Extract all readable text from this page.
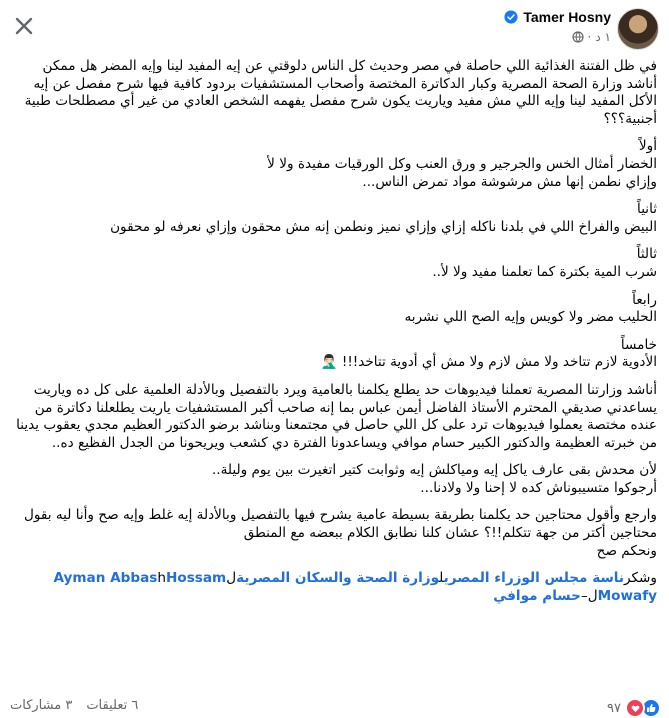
Tamer Hosny
١ د
·

في ظل الفتنة الغذائية اللي حاصلة في مصر وحديث كل الناس دلوقتي عن إيه المفيد لينا وإيه المضر هل ممكن أناشد وزارة الصحة المصرية وكبار الدكاترة المختصة وأصحاب المستشفيات بردود كافية فيها شرح مفصل عن إيه الأكل المفيد لينا وإيه اللي مش مفيد وياريت يكون شرح مفصل يفهمه الشخص العادي من غير أي مصطلحات طبية أجنبية؟؟؟

أولاً
الخضار أمثال الخس والجرجير و ورق العنب وكل الورقيات مفيدة ولا لأ
وإزاي نطمن إنها مش مرشوشة مواد تمرض الناس...
ثانياً
البيض والفراخ اللي في بلدنا ناكله إزاي وإزاي نميز ونطمن إنه مش محقون وإزاي نعرفه لو محقون
ثالثاً
شرب المية بكترة كما تعلمنا مفيد ولا لأ..
رابعاً
الحليب مضر ولا كويس وإيه الصح اللي نشربه
خامساً
الأدوية لازم تتاخد ولا مش لازم ولا مش أي أدوية تتاخد!!! 🤦🏻‍♂️

أناشد وزارتنا المصرية تعملنا فيديوهات حد يطلع يكلمنا بالعامية ويرد بالتفصيل وبالأدلة العلمية على كل ده وياريت يساعدني صديقي المحترم الأستاذ الفاضل أيمن عباس بما إنه صاحب أكبر المستشفيات ياريت يطلعلنا دكاترة من عنده مختصة يعملوا فيديوهات ترد على كل اللي حاصل في مجتمعنا وبناشد برضو الدكتور العظيم مجدي يعقوب يدينا من خبرته العظيمة والدكتور الكبير حسام موافي ويساعدونا الفترة دي كشعب ويريحونا من الجدل الفظيع ده..

لأن محدش بقى عارف ياكل إيه ومياكلش إيه وثوابت كتير اتغيرت بين يوم وليلة..
أرجوكوا متسيبوناش كده لا إحنا ولا ولادنا...
وارجع وأقول محتاجين حد يكلمنا بطريقة بسيطة عامية يشرح فيها بالتفصيل وبالأدلة إيه غلط وإيه صح وأنا ليه بقول محتاجين أكتر من جهة تتكلم!!؟ عشان كلنا نطابق الكلام ببعضه مع المنطق
ونحكم صح
وشكرناسة مجلس الوزراء المصريلوزارة الصحة والسكان المصريةلAyman AbbashHossam Mowafyل–حسام موافي
٩٧
٦ تعليقات
٣ مشاركات
